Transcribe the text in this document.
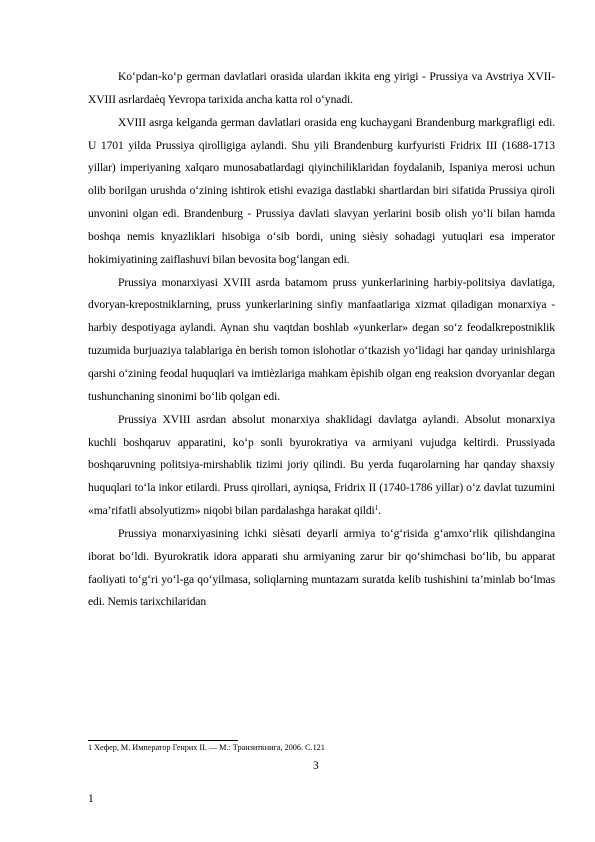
Ko‘pdan-ko‘p german davlatlari orasida ulardan ikkita eng yirigi - Prussiya va Avstriya XVII-XVIII asrlardaѐq Yevropa tarixida ancha katta rol o‘ynadi.

XVIII asrga kelganda german davlatlari orasida eng kuchaygani Brandenburg markgrafligi edi. U 1701 yilda Prussiya qirolligiga aylandi. Shu yili Brandenburg kurfyuristi Fridrix III (1688-1713 yillar) imperiyaning xalqaro munosabatlardagi qiyinchiliklaridan foydalanib, Ispaniya merosi uchun olib borilgan urushda o‘zining ishtirok etishi evaziga dastlabki shartlardan biri sifatida Prussiya qiroli unvonini olgan edi. Brandenburg - Prussiya davlati slavyan yerlarini bosib olish yo‘li bilan hamda boshqa nemis knyazliklari hisobiga o‘sib bordi, uning siѐsiy sohadagi yutuqlari esa imperator hokimiyatining zaiflashuvi bilan bevosita bog‘langan edi.

Prussiya monarxiyasi XVIII asrda batamom pruss yunkerlarining harbiy-politsiya davlatiga, dvoryan-krepostniklarning, pruss yunkerlarining sinfiy manfaatlariga xizmat qiladigan monarxiya - harbiy despotiyaga aylandi. Aynan shu vaqtdan boshlab «yunkerlar» degan so‘z feodalkrepostniklik tuzumida burjuaziya talablariga ѐn berish tomon islohotlar o‘tkazish yo‘lidagi har qanday urinishlarga qarshi o‘zining feodal huquqlari va imtiѐzlariga mahkam ѐpishib olgan eng reaksion dvoryanlar degan tushunchaning sinonimi bo‘lib qolgan edi.

Prussiya XVIII asrdan absolut monarxiya shaklidagi davlatga aylandi. Absolut monarxiya kuchli boshqaruv apparatini, ko‘p sonli byurokratiya va armiyani vujudga keltirdi. Prussiyada boshqaruvning politsiya-mirshablik tizimi joriy qilindi. Bu yerda fuqarolarning har qanday shaxsiy huquqlari to‘la inkor etilardi. Pruss qirollari, ayniqsa, Fridrix II (1740-1786 yillar) o‘z davlat tuzumini «ma’rifatli absolyutizm» niqobi bilan pardalashga harakat qildi$^1$.

Prussiya monarxiyasining ichki siѐsati deyarli armiya to‘g‘risida g‘amxo‘rlik qilishdangina iborat bo‘ldi. Byurokratik idora apparati shu armiyaning zarur bir qo‘shimchasi bo‘lib, bu apparat faoliyati to‘g‘ri yo‘l-ga qo‘yilmasa, soliqlarning muntazam suratda kelib tushishini ta’minlab bo‘lmas edi. Nemis tarixchilaridan

1 Хефер, М. Император Генрих II. — М.: Транзиткнига, 2006. C.121

3

1
